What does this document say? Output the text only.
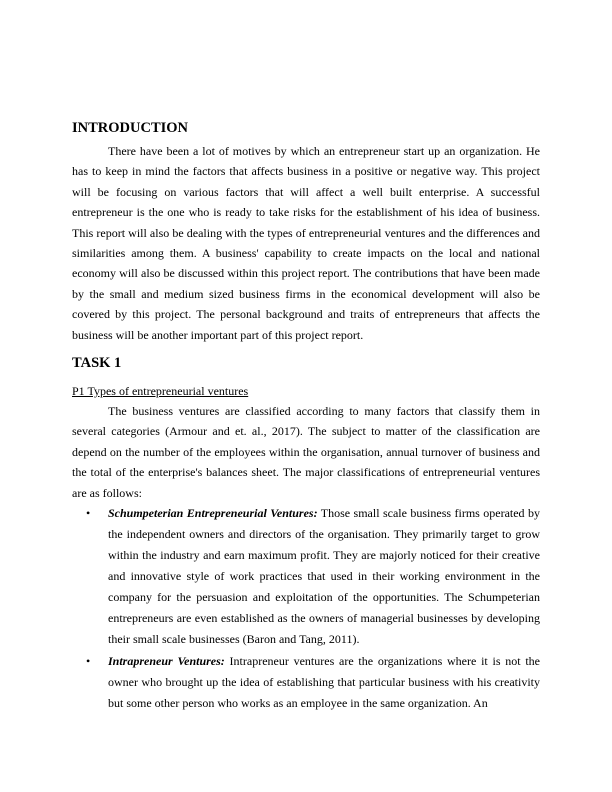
INTRODUCTION

There have been a lot of motives by which an entrepreneur start up an organization. He has to keep in mind the factors that affects business in a positive or negative way. This project will be focusing on various factors that will affect a well built enterprise. A successful entrepreneur is the one who is ready to take risks for the establishment of his idea of business. This report will also be dealing with the types of entrepreneurial ventures and the differences and similarities among them. A business' capability to create impacts on the local and national economy will also be discussed within this project report. The contributions that have been made by the small and medium sized business firms in the economical development will also be covered by this project. The personal background and traits of entrepreneurs that affects the business will be another important part of this project report.

TASK 1

P1 Types of entrepreneurial ventures

The business ventures are classified according to many factors that classify them in several categories (Armour and et. al., 2017). The subject to matter of the classification are depend on the number of the employees within the organisation, annual turnover of business and the total of the enterprise's balances sheet. The major classifications of entrepreneurial ventures are as follows:

• Schumpeterian Entrepreneurial Ventures: Those small scale business firms operated by the independent owners and directors of the organisation. They primarily target to grow within the industry and earn maximum profit. They are majorly noticed for their creative and innovative style of work practices that used in their working environment in the company for the persuasion and exploitation of the opportunities. The Schumpeterian entrepreneurs are even established as the owners of managerial businesses by developing their small scale businesses (Baron and Tang, 2011).
• Intrapreneur Ventures: Intrapreneur ventures are the organizations where it is not the owner who brought up the idea of establishing that particular business with his creativity but some other person who works as an employee in the same organization. An
